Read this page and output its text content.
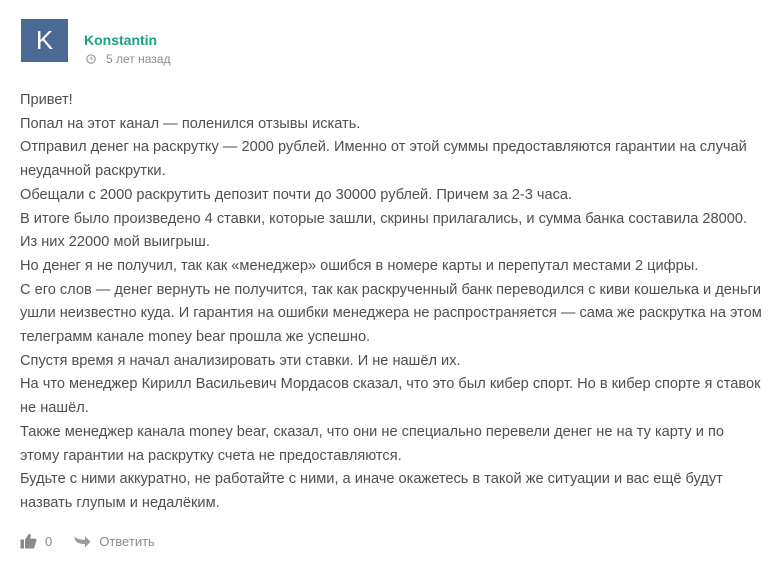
K	Konstantin
5 лет назад

Привет!

Попал на этот канал — поленился отзывы искать.

Отправил денег на раскрутку — 2000 рублей. Именно от этой суммы предоставляются гарантии на случай неудачной раскрутки.

Обещали с 2000 раскрутить депозит почти до 30000 рублей. Причем за 2-3 часа.

В итоге было произведено 4 ставки, которые зашли, скрины прилагались, и сумма банка составила 28000. Из них 22000 мой выигрыш.

Но денег я не получил, так как «менеджер» ошибся в номере карты и перепутал местами 2 цифры.

С его слов — денег вернуть не получится, так как раскрученный банк переводился с киви кошелька и деньги ушли неизвестно куда. И гарантия на ошибки менеджера не распространяется — сама же раскрутка на этом телеграмм канале money bear прошла же успешно.

Спустя время я начал анализировать эти ставки. И не нашёл их.

На что менеджер Кирилл Васильевич Мордасов сказал, что это был кибер спорт. Но в кибер спорте я ставок не нашёл.

Также менеджер канала money bear, сказал, что они не специально перевели денег не на ту карту и по этому гарантии на раскрутку счета не предоставляются.

Будьте с ними аккуратно, не работайте с ними, а иначе окажетесь в такой же ситуации и вас ещё будут назвать глупым и недалёким.

0	Ответить
